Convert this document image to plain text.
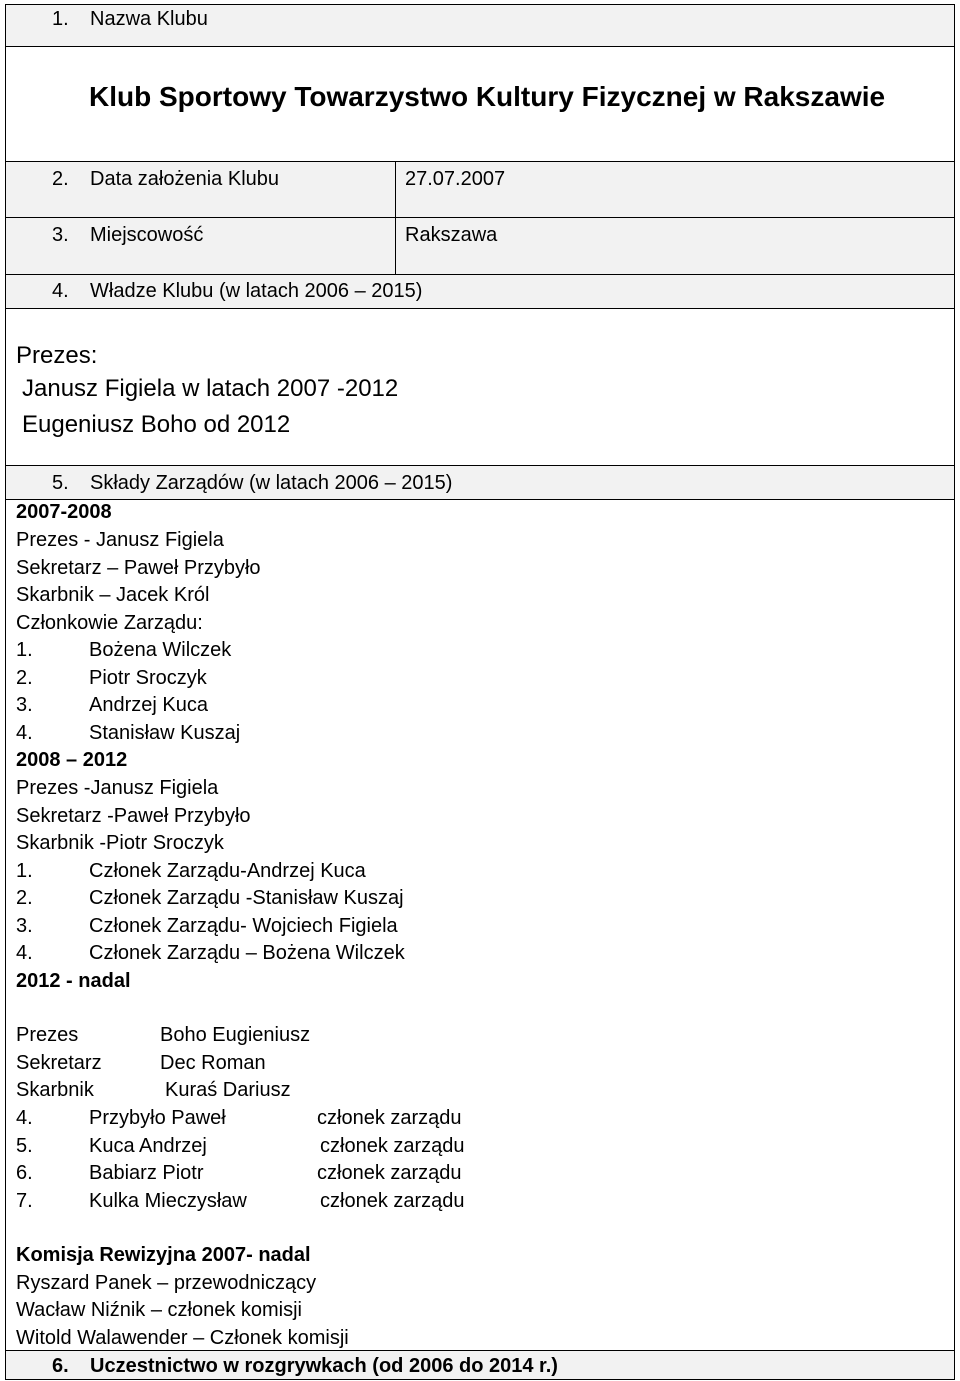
1. Nazwa Klubu
Klub Sportowy Towarzystwo Kultury Fizycznej w Rakszawie
2. Data założenia Klubu	27.07.2007
3. Miejscowość	Rakszawa
4. Władze Klubu (w latach 2006 – 2015)
Prezes:
Janusz Figiela w latach 2007 -2012
Eugeniusz Boho od 2012
5. Składy Zarządów (w latach 2006 – 2015)
2007-2008
Prezes - Janusz Figiela
Sekretarz – Paweł Przybyło
Skarbnik – Jacek Król
Członkowie Zarządu:
1.	Bożena Wilczek
2.	Piotr Sroczyk
3.	Andrzej Kuca
4.	Stanisław Kuszaj
2008 – 2012
Prezes -Janusz Figiela
Sekretarz -Paweł Przybyło
Skarbnik -Piotr Sroczyk
1.	Członek Zarządu-Andrzej Kuca
2.	Członek Zarządu -Stanisław Kuszaj
3.	Członek Zarządu- Wojciech Figiela
4.	Członek Zarządu – Bożena Wilczek
2012 - nadal
Prezes	Boho Eugieniusz
Sekretarz	Dec Roman
Skarbnik	Kuraś Dariusz
4.	Przybyło Paweł	członek zarządu
5.	Kuca Andrzej	członek zarządu
6.	Babiarz Piotr	członek zarządu
7.	Kulka Mieczysław	członek zarządu
Komisja Rewizyjna 2007- nadal
Ryszard Panek – przewodniczący
Wacław Niźnik – członek komisji
Witold Walawender – Członek komisji
6. Uczestnictwo w rozgrywkach (od 2006 do 2014 r.)
